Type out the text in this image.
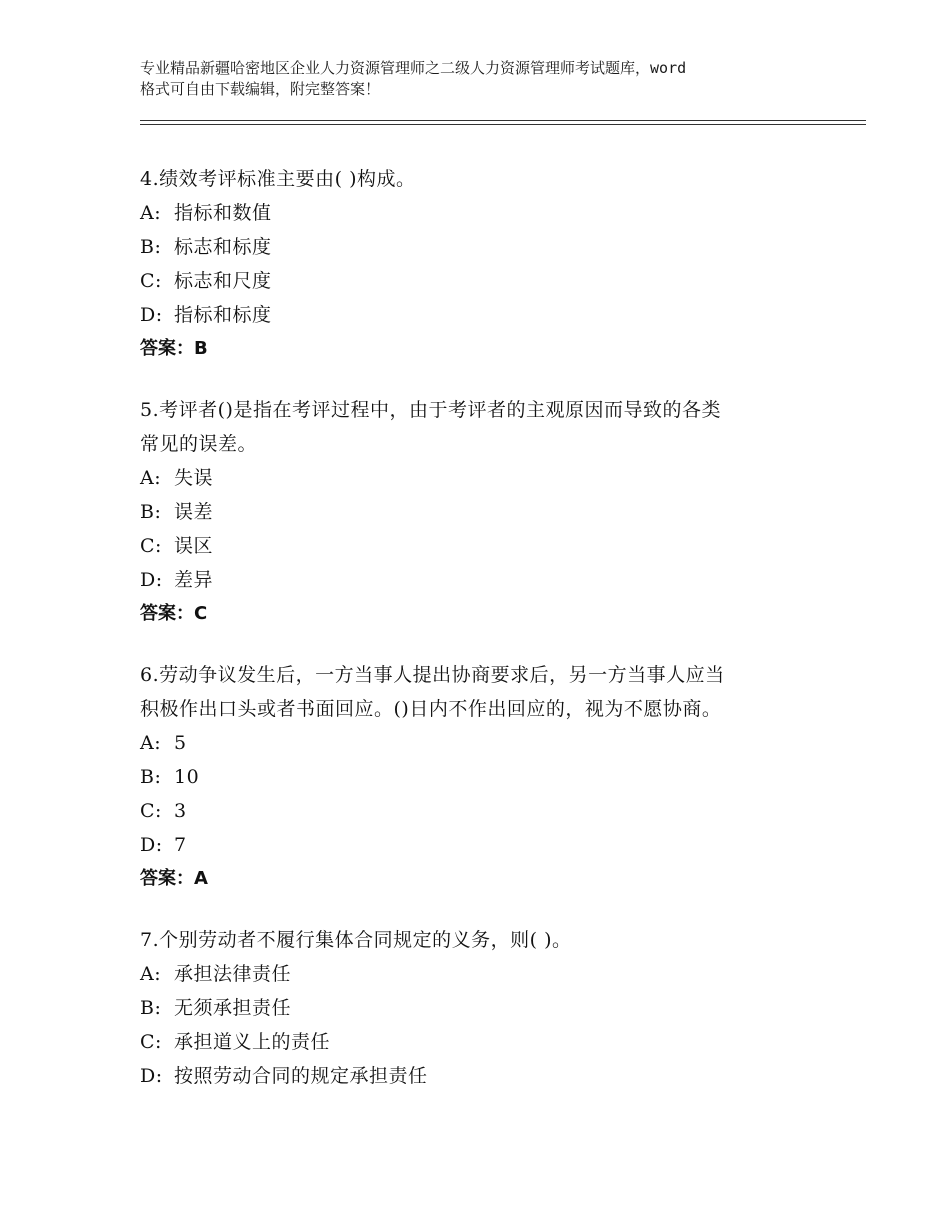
专业精品新疆哈密地区企业人力资源管理师之二级人力资源管理师考试题库，word
格式可自由下载编辑，附完整答案！

4.绩效考评标准主要由( )构成。

A: 指标和数值
B: 标志和标度
C: 标志和尺度
D: 指标和标度
答案：B

5.考评者()是指在考评过程中，由于考评者的主观原因而导致的各类

常见的误差。

A: 失误
B: 误差
C: 误区
D: 差异
答案：C

6.劳动争议发生后，一方当事人提出协商要求后，另一方当事人应当

积极作出口头或者书面回应。()日内不作出回应的，视为不愿协商。

A: 5
B: 10
C: 3
D: 7
答案：A

7.个别劳动者不履行集体合同规定的义务，则( )。

A: 承担法律责任
B: 无须承担责任
C: 承担道义上的责任
D: 按照劳动合同的规定承担责任
